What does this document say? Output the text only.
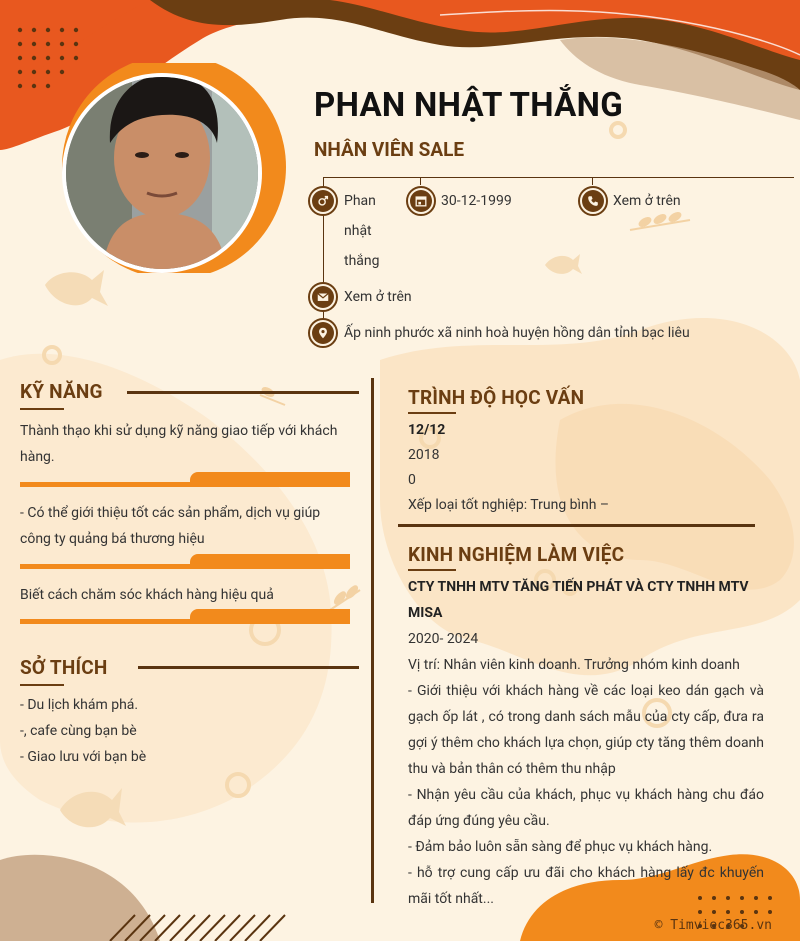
PHAN NHẬT THẮNG
NHÂN VIÊN SALE
Phan
nhật
thắng
30-12-1999	Xem ở trên
Xem ở trên
Ấp ninh phước xã ninh hoà huyện hồng dân tỉnh bạc liêu
KỸ NĂNG
Thành thạo khi sử dụng kỹ năng giao tiếp với khách hàng.
- Có thể giới thiệu tốt các sản phẩm, dịch vụ giúp công ty quảng bá thương hiệu
Biết cách chăm sóc khách hàng hiệu quả
SỞ THÍCH
- Du lịch khám phá.
-, cafe cùng bạn bè
- Giao lưu với bạn bè
TRÌNH ĐỘ HỌC VẤN
12/12
2018
0
Xếp loại tốt nghiệp: Trung bình –
KINH NGHIỆM LÀM VIỆC
CTY TNHH MTV TĂNG TIẾN PHÁT VÀ CTY TNHH MTV MISA
2020- 2024
Vị trí: Nhân viên kinh doanh. Trưởng nhóm kinh doanh
- Giới thiệu với khách hàng về các loại keo dán gạch và gạch ốp lát , có trong danh sách mẫu của cty cấp, đưa ra gợi ý thêm cho khách lựa chọn, giúp cty tăng thêm doanh thu và bản thân có thêm thu nhập
- Nhận yêu cầu của khách, phục vụ khách hàng chu đáo đáp ứng đúng yêu cầu.
- Đảm bảo luôn sẵn sàng để phục vụ khách hàng.
- hỗ trợ cung cấp ưu đãi cho khách hàng lấy đc khuyến mãi tốt nhất...
© Timviec365.vn
